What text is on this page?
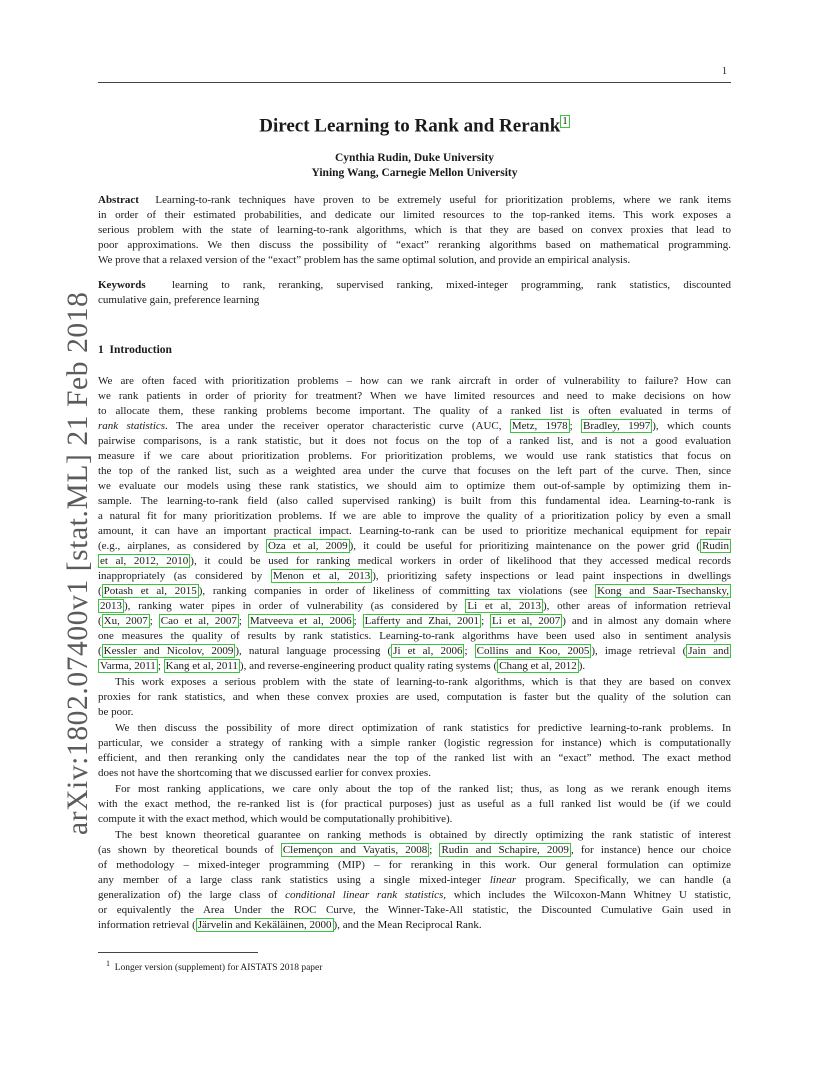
1
arXiv:1802.07400v1 [stat.ML] 21 Feb 2018
Direct Learning to Rank and Rerank 1
Cynthia Rudin, Duke University
Yining Wang, Carnegie Mellon University
Abstract Learning-to-rank techniques have proven to be extremely useful for prioritization problems, where we rank items
in order of their estimated probabilities, and dedicate our limited resources to the top-ranked items. This work exposes a
serious problem with the state of learning-to-rank algorithms, which is that they are based on convex proxies that lead to
poor approximations. We then discuss the possibility of “exact” reranking algorithms based on mathematical programming.
We prove that a relaxed version of the “exact” problem has the same optimal solution, and provide an empirical analysis.
Keywords learning to rank, reranking, supervised ranking, mixed-integer programming, rank statistics, discounted
cumulative gain, preference learning
1 Introduction
We are often faced with prioritization problems – how can we rank aircraft in order of vulnerability to failure? How can
we rank patients in order of priority for treatment? When we have limited resources and need to make decisions on how
to allocate them, these ranking problems become important. The quality of a ranked list is often evaluated in terms of
rank statistics. The area under the receiver operator characteristic curve (AUC, Metz, 1978 ; Bradley, 1997 ), which counts
pairwise comparisons, is a rank statistic, but it does not focus on the top of a ranked list, and is not a good evaluation
measure if we care about prioritization problems. For prioritization problems, we would use rank statistics that focus on
the top of the ranked list, such as a weighted area under the curve that focuses on the left part of the curve. Then, since
we evaluate our models using these rank statistics, we should aim to optimize them out-of-sample by optimizing them in-
sample. The learning-to-rank field (also called supervised ranking) is built from this fundamental idea. Learning-to-rank is
a natural fit for many prioritization problems. If we are able to improve the quality of a prioritization policy by even a small
amount, it can have an important practical impact. Learning-to-rank can be used to prioritize mechanical equipment for repair
(e.g., airplanes, as considered by Oza et al, 2009 ), it could be useful for prioritizing maintenance on the power grid ( Rudin
et al, 2012, 2010 ), it could be used for ranking medical workers in order of likelihood that they accessed medical records
inappropriately (as considered by Menon et al, 2013 ), prioritizing safety inspections or lead paint inspections in dwellings
( Potash et al, 2015 ), ranking companies in order of likeliness of committing tax violations (see Kong and Saar-Tsechansky,
2013 ), ranking water pipes in order of vulnerability (as considered by Li et al, 2013 ), other areas of information retrieval
( Xu, 2007 ; Cao et al, 2007 ; Matveeva et al, 2006 ; Lafferty and Zhai, 2001 ; Li et al, 2007 ) and in almost any domain where
one measures the quality of results by rank statistics. Learning-to-rank algorithms have been used also in sentiment analysis
( Kessler and Nicolov, 2009 ), natural language processing ( Ji et al, 2006 ; Collins and Koo, 2005 ), image retrieval ( Jain and
Varma, 2011 ; Kang et al, 2011 ), and reverse-engineering product quality rating systems ( Chang et al, 2012 ).
This work exposes a serious problem with the state of learning-to-rank algorithms, which is that they are based on convex
proxies for rank statistics, and when these convex proxies are used, computation is faster but the quality of the solution can
be poor.
We then discuss the possibility of more direct optimization of rank statistics for predictive learning-to-rank problems. In
particular, we consider a strategy of ranking with a simple ranker (logistic regression for instance) which is computationally
efficient, and then reranking only the candidates near the top of the ranked list with an “exact” method. The exact method
does not have the shortcoming that we discussed earlier for convex proxies.
For most ranking applications, we care only about the top of the ranked list; thus, as long as we rerank enough items
with the exact method, the re-ranked list is (for practical purposes) just as useful as a full ranked list would be (if we could
compute it with the exact method, which would be computationally prohibitive).
The best known theoretical guarantee on ranking methods is obtained by directly optimizing the rank statistic of interest
(as shown by theoretical bounds of Clemençon and Vayatis, 2008 ; Rudin and Schapire, 2009 , for instance) hence our choice
of methodology – mixed-integer programming (MIP) – for reranking in this work. Our general formulation can optimize
any member of a large class rank statistics using a single mixed-integer linear program. Specifically, we can handle (a
generalization of) the large class of conditional linear rank statistics, which includes the Wilcoxon-Mann Whitney U statistic,
or equivalently the Area Under the ROC Curve, the Winner-Take-All statistic, the Discounted Cumulative Gain used in
information retrieval ( Järvelin and Kekäläinen, 2000 ), and the Mean Reciprocal Rank.
$^1$ Longer version (supplement) for AISTATS 2018 paper
